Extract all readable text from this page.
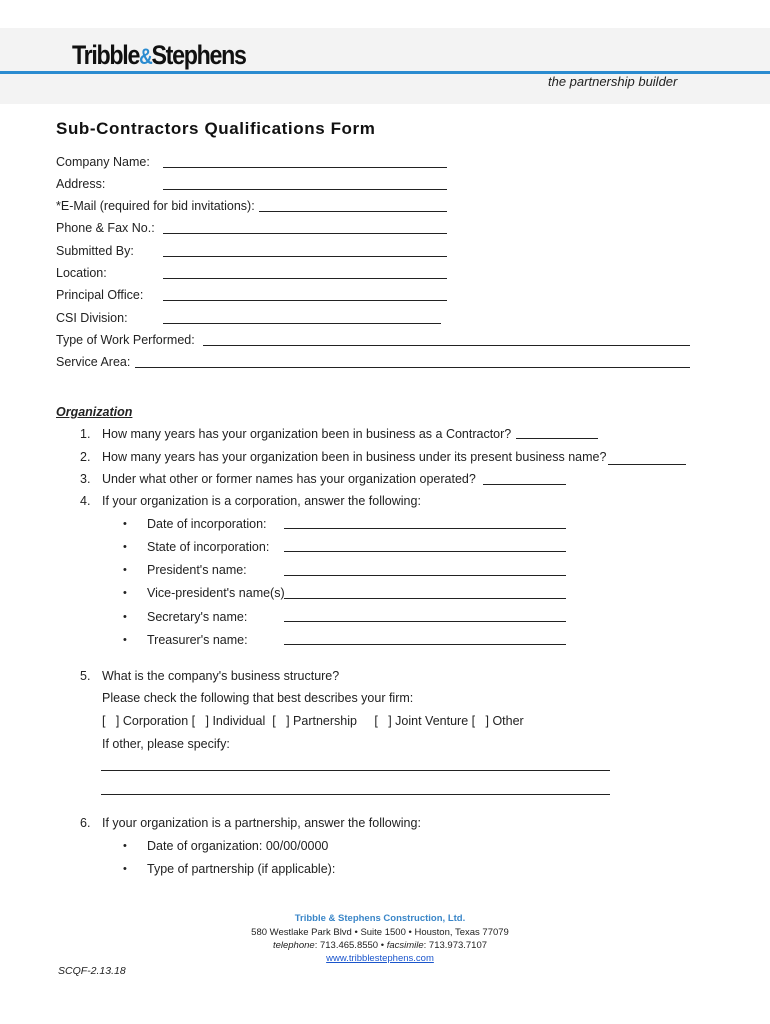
Tribble&Stephens
the partnership builder
Sub-Contractors Qualifications Form
Company Name:
Address:
*E-Mail (required for bid invitations):
Phone & Fax No.:
Submitted By:
Location:
Principal Office:
CSI Division:
Type of Work Performed:
Service Area:
Organization
1. How many years has your organization been in business as a Contractor?
2. How many years has your organization been in business under its present business name?
3. Under what other or former names has your organization operated?
4. If your organization is a corporation, answer the following:
• Date of incorporation:
• State of incorporation:
• President's name:
• Vice-president's name(s)
• Secretary's name:
• Treasurer's name:
5. What is the company's business structure?
Please check the following that best describes your firm:
[   ] Corporation [   ] Individual  [   ] Partnership     [   ] Joint Venture [   ] Other
If other, please specify:
6. If your organization is a partnership, answer the following:
• Date of organization: 00/00/0000
• Type of partnership (if applicable):
Tribble & Stephens Construction, Ltd.
580 Westlake Park Blvd • Suite 1500 • Houston, Texas 77079
telephone: 713.465.8550 • facsimile: 713.973.7107
www.tribblestephens.com
SCQF-2.13.18
